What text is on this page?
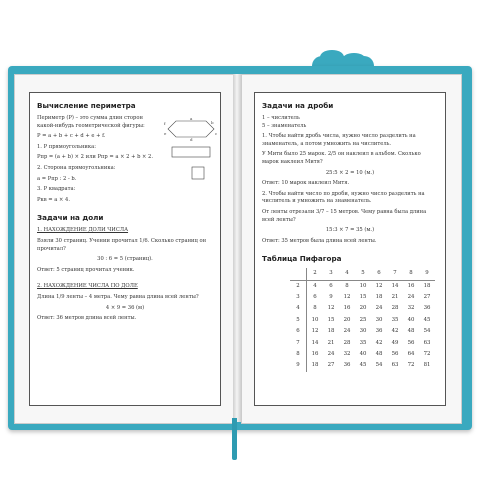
Вычисление периметра
Периметр (P) – это сумма длин сторон какой-нибудь геометрической фигуры:
P = a + b + c + d + e + f.
1. P прямоугольника:
Pпр = (a + b) × 2 или Pпр = a × 2 + b × 2.
2. Сторона прямоугольника:
a = Pпр : 2 - b.
3. P квадрата:
Pкв = a × 4.
Задачи на доли
1. НАХОЖДЕНИЕ ДОЛИ ЧИСЛА
Взяли 30 страниц. Учении прочитал 1/6. Сколько страниц он прочитал?
30 : 6 = 5 (страниц).
Ответ: 5 страниц прочитал ученик.
2. НАХОЖДЕНИЕ ЧИСЛА ПО ДОЛЕ
Длина 1/9 ленты – 4 метра. Чему равна длина всей ленты?
4 × 9 = 36 (м)
Ответ: 36 метров длина всей ленты.
a
b
c
d
e
f
Задачи на дроби
1 – числитель
5 – знаменатель
1. Чтобы найти дробь числа, нужно число разделить на знаменатель, а потом умножить на числитель.
У Мити было 25 марок. 2/5 он наклеил в альбом. Сколько марок наклеил Митя?
25:5 × 2 = 10 (м.)
Ответ: 10 марок наклеил Митя.
2. Чтобы найти число по дроби, нужно число разделить на числитель и умножить на знаменатель.
От ленты отрезали 3/7 – 15 метров. Чему равна была длина всей ленты?
15:3 × 7 = 35 (м.)
Ответ: 35 метров была длина всей ленты.
Таблица Пифагора
	2	3	4	5	6	7	8	9
2	4	6	8	10	12	14	16	18
3	6	9	12	15	18	21	24	27
4	8	12	16	20	24	28	32	36
5	10	15	20	25	30	35	40	45
6	12	18	24	30	36	42	48	54
7	14	21	28	35	42	49	56	63
8	16	24	32	40	48	56	64	72
9	18	27	36	45	54	63	72	81
